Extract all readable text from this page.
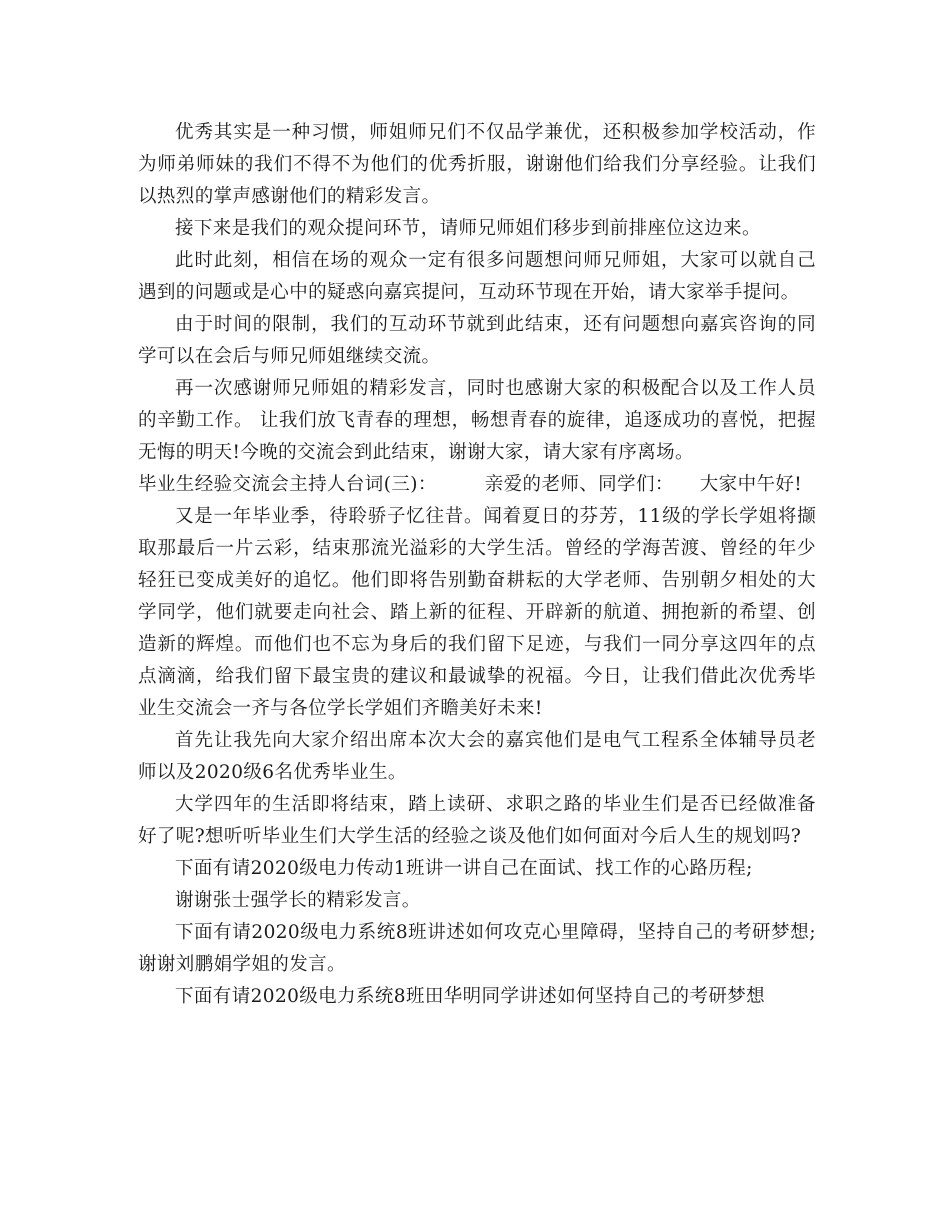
优秀其实是一种习惯，师姐师兄们不仅品学兼优，还积极参加学校活动，作为师弟师妹的我们不得不为他们的优秀折服，谢谢他们给我们分享经验。让我们以热烈的掌声感谢他们的精彩发言。

接下来是我们的观众提问环节，请师兄师姐们移步到前排座位这边来。

此时此刻，相信在场的观众一定有很多问题想问师兄师姐，大家可以就自己遇到的问题或是心中的疑惑向嘉宾提问，互动环节现在开始，请大家举手提问。

由于时间的限制，我们的互动环节就到此结束，还有问题想向嘉宾咨询的同学可以在会后与师兄师姐继续交流。

再一次感谢师兄师姐的精彩发言，同时也感谢大家的积极配合以及工作人员的辛勤工作。 让我们放飞青春的理想，畅想青春的旋律，追逐成功的喜悦，把握无悔的明天!今晚的交流会到此结束，谢谢大家，请大家有序离场。

毕业生经验交流会主持人台词(三)：	亲爱的老师、同学们： 大家中午好!

又是一年毕业季，待聆骄子忆往昔。闻着夏日的芬芳，11级的学长学姐将撷取那最后一片云彩，结束那流光溢彩的大学生活。曾经的学海苦渡、曾经的年少轻狂已变成美好的追忆。他们即将告别勤奋耕耘的大学老师、告别朝夕相处的大学同学，他们就要走向社会、踏上新的征程、开辟新的航道、拥抱新的希望、创造新的辉煌。而他们也不忘为身后的我们留下足迹，与我们一同分享这四年的点点滴滴，给我们留下最宝贵的建议和最诚挚的祝福。今日，让我们借此次优秀毕业生交流会一齐与各位学长学姐们齐瞻美好未来!

首先让我先向大家介绍出席本次大会的嘉宾他们是电气工程系全体辅导员老师以及2020级6名优秀毕业生。

大学四年的生活即将结束，踏上读研、求职之路的毕业生们是否已经做准备好了呢?想听听毕业生们大学生活的经验之谈及他们如何面对今后人生的规划吗?

下面有请2020级电力传动1班讲一讲自己在面试、找工作的心路历程;

谢谢张士强学长的精彩发言。

下面有请2020级电力系统8班讲述如何攻克心里障碍，坚持自己的考研梦想;谢谢刘鹏娟学姐的发言。

下面有请2020级电力系统8班田华明同学讲述如何坚持自己的考研梦想
